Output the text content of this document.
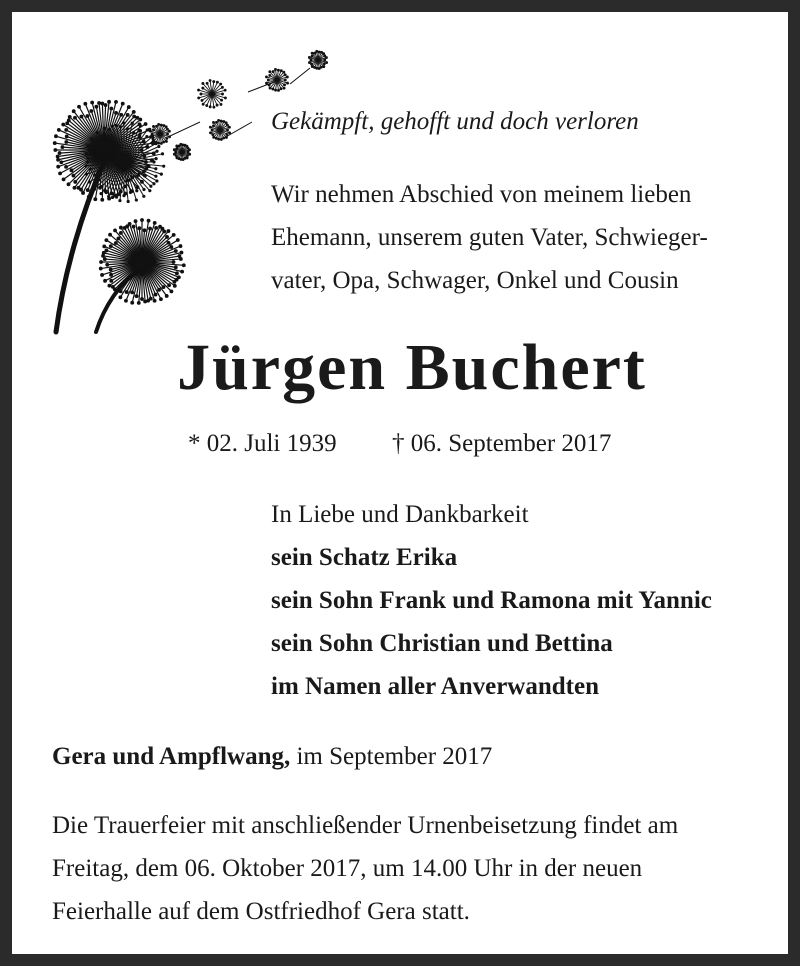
Gekämpft, gehofft und doch verloren
Wir nehmen Abschied von meinem lieben
Ehemann, unserem guten Vater, Schwieger-
vater, Opa, Schwager, Onkel und Cousin
Jürgen Buchert
* 02. Juli 1939 † 06. September 2017
In Liebe und Dankbarkeit
sein Schatz Erika
sein Sohn Frank und Ramona mit Yannic
sein Sohn Christian und Bettina
im Namen aller Anverwandten
Gera und Ampflwang, im September 2017
Die Trauerfeier mit anschließender Urnenbeisetzung findet am
Freitag, dem 06. Oktober 2017, um 14.00 Uhr in der neuen
Feierhalle auf dem Ostfriedhof Gera statt.
